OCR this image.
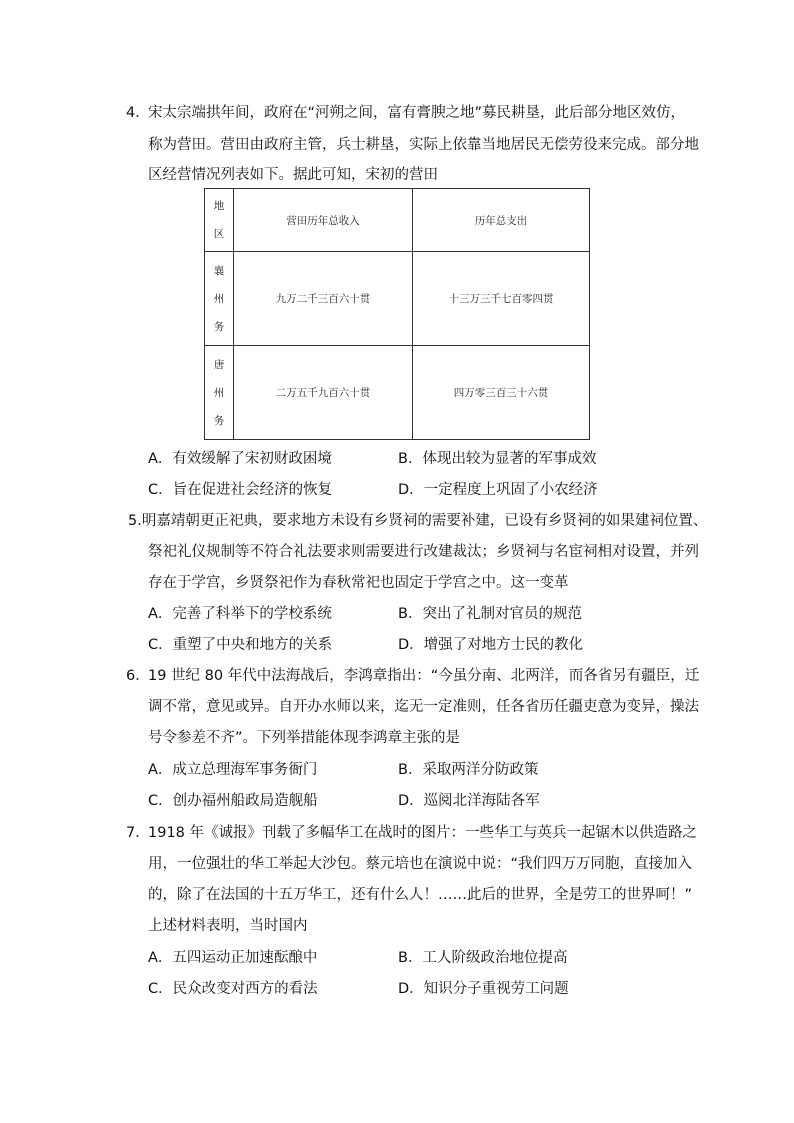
4．
宋太宗端拱年间，政府在“河朔之间，富有膏腴之地”募民耕垦，此后部分地区效仿，
称为营田。营田由政府主管，兵士耕垦，实际上依靠当地居民无偿劳役来完成。部分地
区经营情况列表如下。据此可知，宋初的营田
地区	营田历年总收入	历年总支出

襄州务	九万二千三百六十贯	十三万三千七百零四贯

唐州务	二万五千九百六十贯	四万零三百三十六贯
A．有效缓解了宋初财政困境	B．体现出较为显著的军事成效
C．旨在促进社会经济的恢复	D．一定程度上巩固了小农经济
5.明嘉靖朝更正祀典，要求地方未设有乡贤祠的需要补建，已设有乡贤祠的如果建祠位置、
祭祀礼仪规制等不符合礼法要求则需要进行改建裁汰；乡贤祠与名宦祠相对设置，并列
存在于学宫，乡贤祭祀作为春秋常祀也固定于学宫之中。这一变革
A．完善了科举下的学校系统	B．突出了礼制对官员的规范
C．重塑了中央和地方的关系	D．增强了对地方士民的教化
6．
19 世纪 80 年代中法海战后，李鸿章指出：“今虽分南、北两洋，而各省另有疆臣，迁
调不常，意见或异。自开办水师以来，迄无一定准则，任各省历任疆吏意为变异，操法
号令参差不齐”。下列举措能体现李鸿章主张的是
A．成立总理海军事务衙门	B．采取两洋分防政策
C．创办福州船政局造舰船	D．巡阅北洋海陆各军
7．
1918 年《诚报》刊载了多幅华工在战时的图片：一些华工与英兵一起锯木以供造路之
用，一位强壮的华工举起大沙包。蔡元培也在演说中说：“我们四万万同胞，直接加入
的，除了在法国的十五万华工，还有什么人！……此后的世界，全是劳工的世界呵！”
上述材料表明，当时国内
A．五四运动正加速酝酿中	B．工人阶级政治地位提高
C．民众改变对西方的看法	D．知识分子重视劳工问题
